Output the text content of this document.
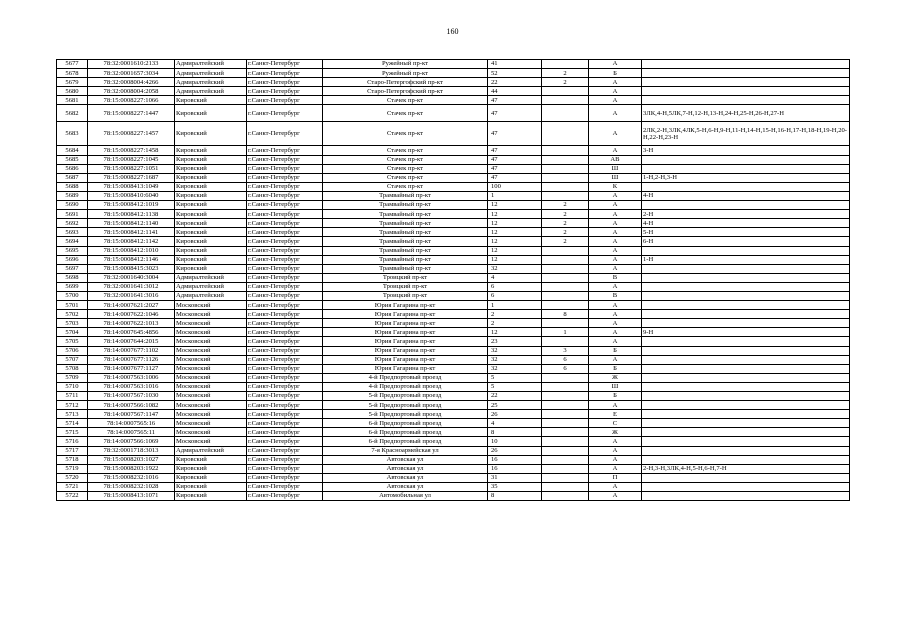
160
5677	78:32:0001610:2133	Адмиралтейский	г.Санкт-Петербург	Ружейный пр-кт	41		А	
5678	78:32:0001657:3034	Адмиралтейский	г.Санкт-Петербург	Ружейный пр-кт	52	2	Б	
5679	78:32:0008004:4266	Адмиралтейский	г.Санкт-Петербург	Старо-Петергофский пр-кт	22	2	А	
5680	78:32:0008004:2058	Адмиралтейский	г.Санкт-Петербург	Старо-Петергофский пр-кт	44		А	
5681	78:15:0008227:1066	Кировский	г.Санкт-Петербург	Стачек пр-кт	47		А	
5682	78:15:0008227:1447	Кировский	г.Санкт-Петербург	Стачек пр-кт	47		А	3ЛК,4-Н,5ЛК,7-Н,12-Н,13-Н,24-Н,25-Н,26-Н,27-Н
5683	78:15:0008227:1457	Кировский	г.Санкт-Петербург	Стачек пр-кт	47		А	2ЛК,2-Н,3ЛК,4ЛК,5-Н,6-Н,9-Н,11-Н,14-Н,15-Н,16-Н,17-Н,18-Н,19-Н,20-Н,22-Н,23-Н
5684	78:15:0008227:1458	Кировский	г.Санкт-Петербург	Стачек пр-кт	47		А	3-Н
5685	78:15:0008227:1045	Кировский	г.Санкт-Петербург	Стачек пр-кт	47		АВ	
5686	78:15:0008227:1051	Кировский	г.Санкт-Петербург	Стачек пр-кт	47		Ш	
5687	78:15:0008227:1687	Кировский	г.Санкт-Петербург	Стачек пр-кт	47		Ш	1-Н,2-Н,3-Н
5688	78:15:0008413:1049	Кировский	г.Санкт-Петербург	Стачек пр-кт	100		К	
5689	78:15:0008410:6040	Кировский	г.Санкт-Петербург	Трамвайный пр-кт	1		А	4-Н
5690	78:15:0008412:1019	Кировский	г.Санкт-Петербург	Трамвайный пр-кт	12	2	А	
5691	78:15:0008412:1138	Кировский	г.Санкт-Петербург	Трамвайный пр-кт	12	2	А	2-Н
5692	78:15:0008412:1140	Кировский	г.Санкт-Петербург	Трамвайный пр-кт	12	2	А	4-Н
5693	78:15:0008412:1141	Кировский	г.Санкт-Петербург	Трамвайный пр-кт	12	2	А	5-Н
5694	78:15:0008412:1142	Кировский	г.Санкт-Петербург	Трамвайный пр-кт	12	2	А	6-Н
5695	78:15:0008412:1010	Кировский	г.Санкт-Петербург	Трамвайный пр-кт	12		А	
5696	78:15:0008412:1146	Кировский	г.Санкт-Петербург	Трамвайный пр-кт	12		А	1-Н
5697	78:15:0008415:3023	Кировский	г.Санкт-Петербург	Трамвайный пр-кт	32		А	
5698	78:32:0001640:3004	Адмиралтейский	г.Санкт-Петербург	Троицкий пр-кт	4		В	
5699	78:32:0001641:3012	Адмиралтейский	г.Санкт-Петербург	Троицкий пр-кт	6		А	
5700	78:32:0001641:3016	Адмиралтейский	г.Санкт-Петербург	Троицкий пр-кт	6		В	
5701	78:14:0007621:2027	Московский	г.Санкт-Петербург	Юрия Гагарина пр-кт	1		А	
5702	78:14:0007622:1046	Московский	г.Санкт-Петербург	Юрия Гагарина пр-кт	2	8	А	
5703	78:14:0007622:1013	Московский	г.Санкт-Петербург	Юрия Гагарина пр-кт	2		А	
5704	78:14:0007645:4856	Московский	г.Санкт-Петербург	Юрия Гагарина пр-кт	12	1	А	9-Н
5705	78:14:0007644:2015	Московский	г.Санкт-Петербург	Юрия Гагарина пр-кт	23		А	
5706	78:14:0007677:1102	Московский	г.Санкт-Петербург	Юрия Гагарина пр-кт	32	3	Б	
5707	78:14:0007677:1126	Московский	г.Санкт-Петербург	Юрия Гагарина пр-кт	32	6	А	
5708	78:14:0007677:1127	Московский	г.Санкт-Петербург	Юрия Гагарина пр-кт	32	6	Б	
5709	78:14:0007563:1006	Московский	г.Санкт-Петербург	4-й Предпортовый проезд	5		Ж	
5710	78:14:0007563:1016	Московский	г.Санкт-Петербург	4-й Предпортовый проезд	5		Ш	
5711	78:14:0007567:1030	Московский	г.Санкт-Петербург	5-й Предпортовый проезд	22		Б	
5712	78:14:0007566:1082	Московский	г.Санкт-Петербург	5-й Предпортовый проезд	25		А	
5713	78:14:0007567:1147	Московский	г.Санкт-Петербург	5-й Предпортовый проезд	26		Е	
5714	78:14:0007565:16	Московский	г.Санкт-Петербург	6-й Предпортовый проезд	4		С	
5715	78:14:0007565:11	Московский	г.Санкт-Петербург	6-й Предпортовый проезд	8		Ж	
5716	78:14:0007566:1069	Московский	г.Санкт-Петербург	6-й Предпортовый проезд	10		А	
5717	78:32:0001718:3013	Адмиралтейский	г.Санкт-Петербург	7-я Красноармейская ул	26		А	
5718	78:15:0008203:1027	Кировский	г.Санкт-Петербург	Автовская ул	16		А	
5719	78:15:0008203:1922	Кировский	г.Санкт-Петербург	Автовская ул	16		А	2-Н,3-Н,3ЛК,4-Н,5-Н,6-Н,7-Н
5720	78:15:0008232:1016	Кировский	г.Санкт-Петербург	Автовская ул	31		П	
5721	78:15:0008232:1028	Кировский	г.Санкт-Петербург	Автовская ул	35		А	
5722	78:15:0008413:1071	Кировский	г.Санкт-Петербург	Автомобильная ул	8		А	
